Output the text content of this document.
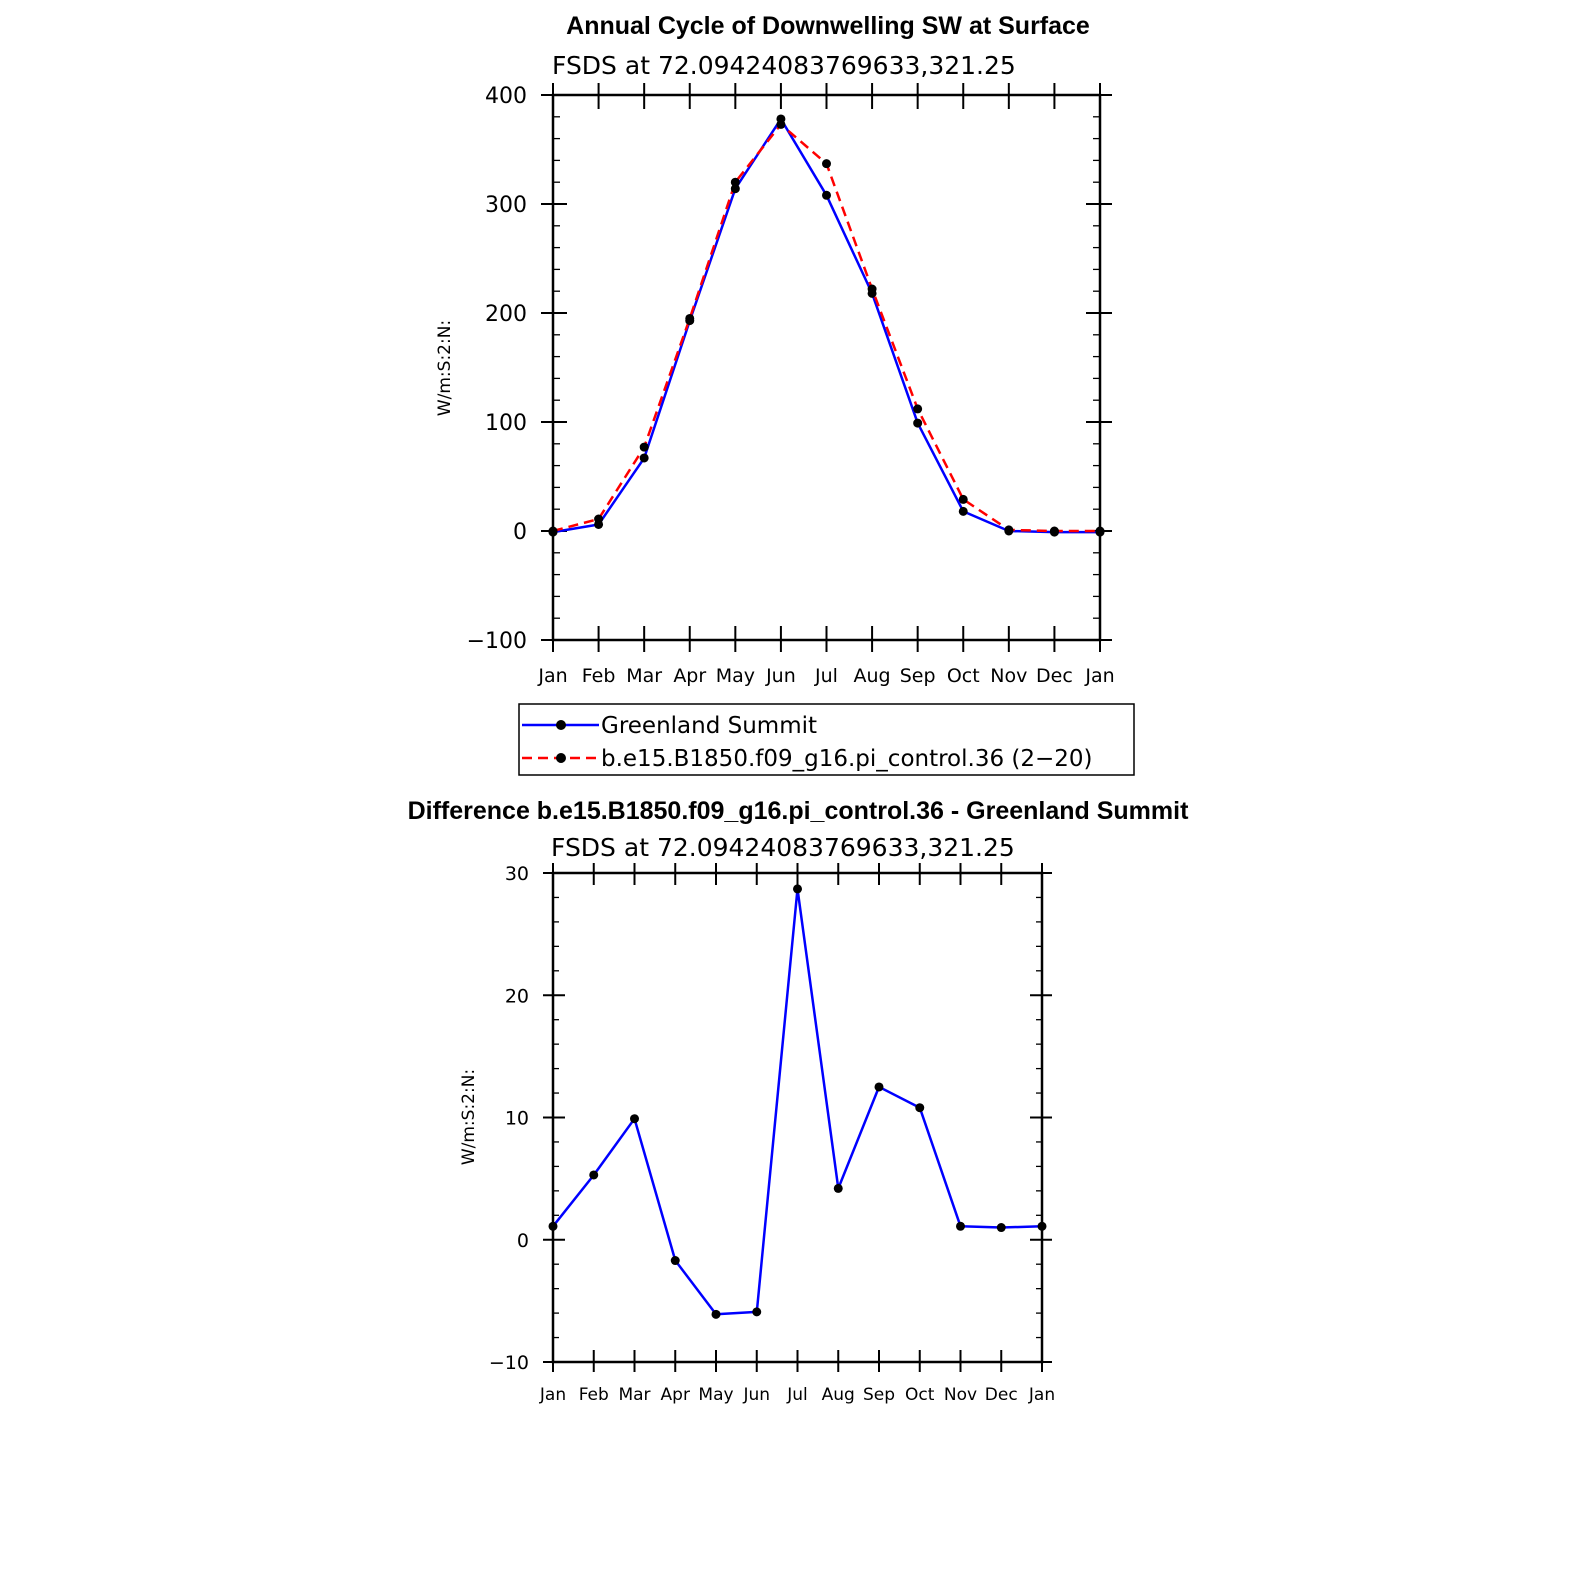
Annual Cycle of Downwelling SW at Surface
FSDS at 72.09424083769633,321.25
W/m:S:2:N:
−100
0
100
200
300
400
Jan Feb Mar Apr May Jun Jul Aug Sep Oct Nov Dec Jan
Greenland Summit
b.e15.B1850.f09_g16.pi_control.36 (2−20)
Difference b.e15.B1850.f09_g16.pi_control.36 - Greenland Summit
FSDS at 72.09424083769633,321.25
W/m:S:2:N:
−10
0
10
20
30
Jan Feb Mar Apr May Jun Jul Aug Sep Oct Nov Dec Jan
